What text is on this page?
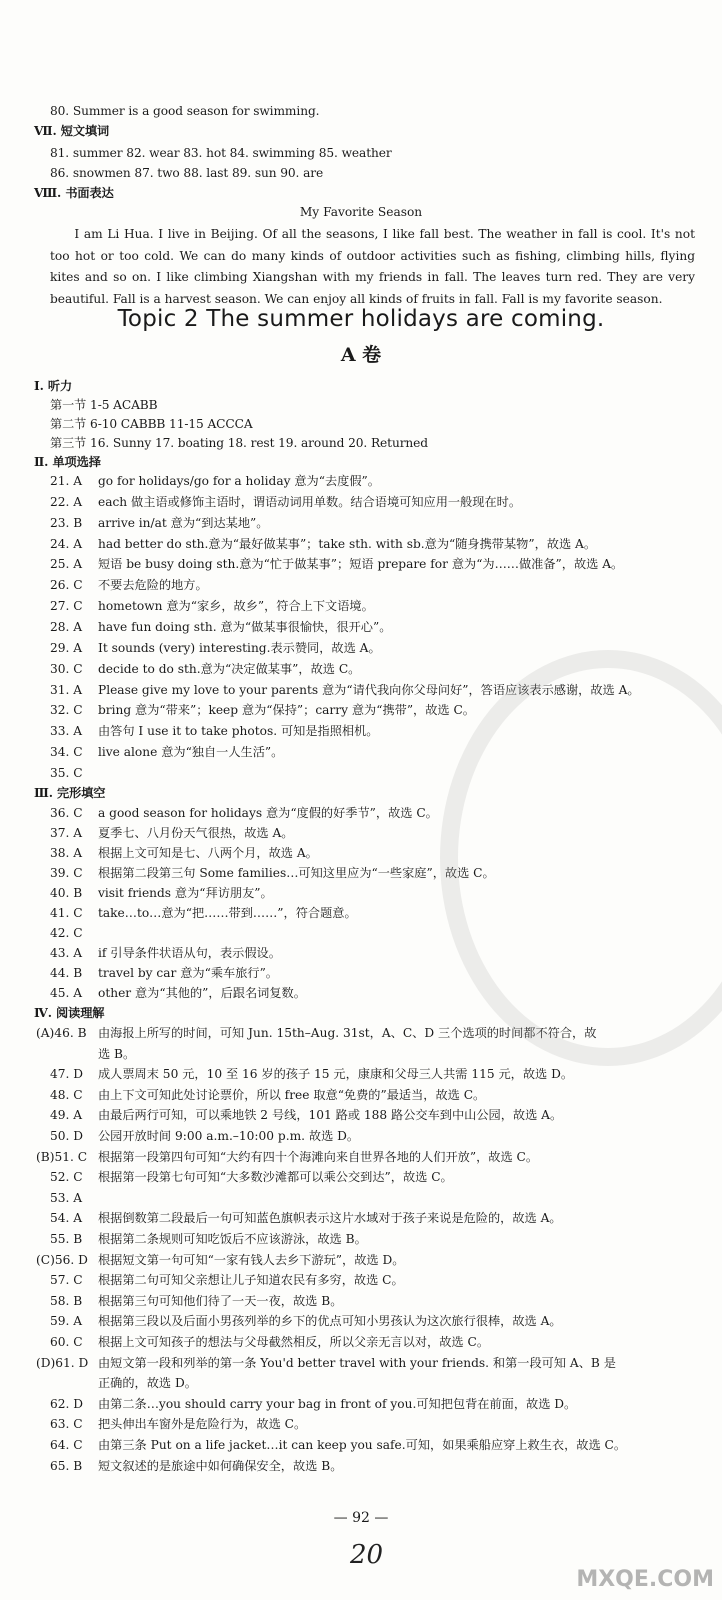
80. Summer is a good season for swimming.
Ⅶ. 短文填词
81. summer 82. wear 83. hot 84. swimming 85. weather
86. snowmen 87. two 88. last 89. sun 90. are
Ⅷ. 书面表达
My Favorite Season
I am Li Hua. I live in Beijing. Of all the seasons, I like fall best. The weather in fall is cool. It's not too hot or too cold. We can do many kinds of outdoor activities such as fishing, climbing hills, flying kites and so on. I like climbing Xiangshan with my friends in fall. The leaves turn red. They are very beautiful. Fall is a harvest season. We can enjoy all kinds of fruits in fall. Fall is my favorite season.
Topic 2 The summer holidays are coming.
A 卷
Ⅰ. 听力
第一节 1-5 ACABB
第二节 6-10 CABBB 11-15 ACCCA
第三节 16. Sunny 17. boating 18. rest 19. around 20. Returned
Ⅱ. 单项选择
21. A go for holidays/go for a holiday 意为“去度假”。
22. A each 做主语或修饰主语时，谓语动词用单数。结合语境可知应用一般现在时。
23. B arrive in/at 意为“到达某地”。
24. A had better do sth.意为“最好做某事”；take sth. with sb.意为“随身携带某物”，故选 A。
25. A 短语 be busy doing sth.意为“忙于做某事”；短语 prepare for 意为“为……做准备”，故选 A。
26. C 不要去危险的地方。
27. C hometown 意为“家乡，故乡”，符合上下文语境。
28. A have fun doing sth. 意为“做某事很愉快，很开心”。
29. A It sounds (very) interesting.表示赞同，故选 A。
30. C decide to do sth.意为“决定做某事”，故选 C。
31. A Please give my love to your parents 意为“请代我向你父母问好”，答语应该表示感谢，故选 A。
32. C bring 意为“带来”；keep 意为“保持”；carry 意为“携带”，故选 C。
33. A 由答句 I use it to take photos. 可知是指照相机。
34. C live alone 意为“独自一人生活”。
35. C
Ⅲ. 完形填空
36. C a good season for holidays 意为“度假的好季节”，故选 C。
37. A 夏季七、八月份天气很热，故选 A。
38. A 根据上文可知是七、八两个月，故选 A。
39. C 根据第二段第三句 Some families…可知这里应为“一些家庭”，故选 C。
40. B visit friends 意为“拜访朋友”。
41. C take…to…意为“把……带到……”，符合题意。
42. C
43. A if 引导条件状语从句，表示假设。
44. B travel by car 意为“乘车旅行”。
45. A other 意为“其他的”，后跟名词复数。
Ⅳ. 阅读理解
(A)46. B 由海报上所写的时间，可知 Jun. 15th–Aug. 31st，A、C、D 三个选项的时间都不符合，故
选 B。
47. D 成人票周末 50 元，10 至 16 岁的孩子 15 元，康康和父母三人共需 115 元，故选 D。
48. C 由上下文可知此处讨论票价，所以 free 取意“免费的”最适当，故选 C。
49. A 由最后两行可知，可以乘地铁 2 号线，101 路或 188 路公交车到中山公园，故选 A。
50. D 公园开放时间 9:00 a.m.–10:00 p.m. 故选 D。
(B)51. C 根据第一段第四句可知“大约有四十个海滩向来自世界各地的人们开放”，故选 C。
52. C 根据第一段第七句可知“大多数沙滩都可以乘公交到达”，故选 C。
53. A
54. A 根据倒数第二段最后一句可知蓝色旗帜表示这片水域对于孩子来说是危险的，故选 A。
55. B 根据第二条规则可知吃饭后不应该游泳，故选 B。
(C)56. D 根据短文第一句可知“一家有钱人去乡下游玩”，故选 D。
57. C 根据第二句可知父亲想让儿子知道农民有多穷，故选 C。
58. B 根据第三句可知他们待了一天一夜，故选 B。
59. A 根据第三段以及后面小男孩列举的乡下的优点可知小男孩认为这次旅行很棒，故选 A。
60. C 根据上文可知孩子的想法与父母截然相反，所以父亲无言以对，故选 C。
(D)61. D 由短文第一段和列举的第一条 You'd better travel with your friends. 和第一段可知 A、B 是
正确的，故选 D。
62. D 由第二条…you should carry your bag in front of you.可知把包背在前面，故选 D。
63. C 把头伸出车窗外是危险行为，故选 C。
64. C 由第三条 Put on a life jacket…it can keep you safe.可知，如果乘船应穿上救生衣，故选 C。
65. B 短文叙述的是旅途中如何确保安全，故选 B。
MXQE.COM
— 92 —
20
